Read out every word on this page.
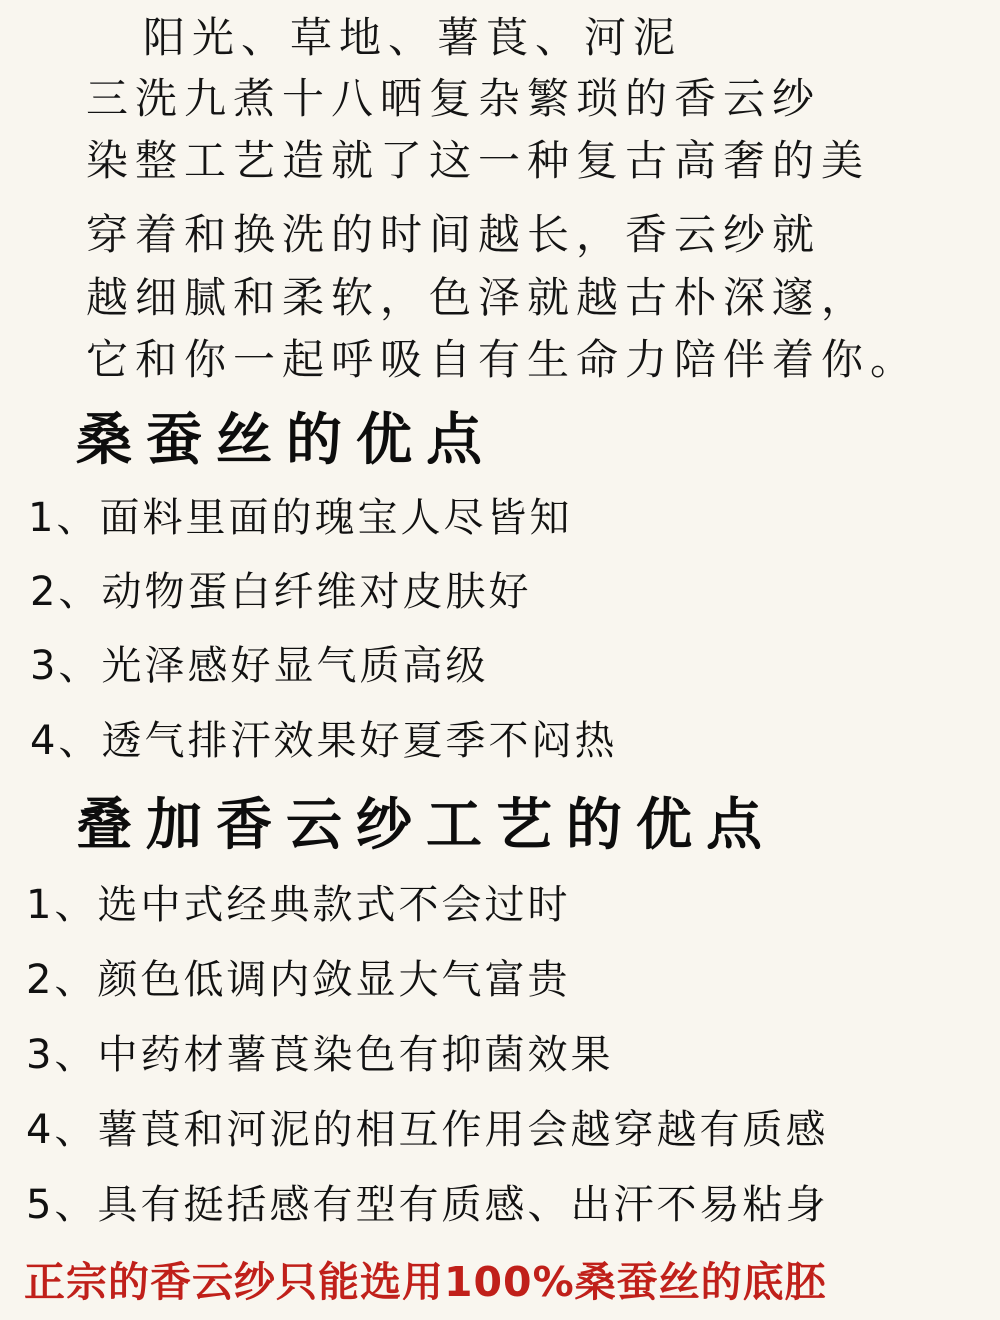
阳光、草地、薯莨、河泥
三洗九煮十八晒复杂繁琐的香云纱
染整工艺造就了这一种复古高奢的美
穿着和换洗的时间越长，香云纱就
越细腻和柔软，色泽就越古朴深邃，
它和你一起呼吸自有生命力陪伴着你。
桑蚕丝的优点
1、面料里面的瑰宝人尽皆知
2、动物蛋白纤维对皮肤好
3、光泽感好显气质高级
4、透气排汗效果好夏季不闷热
叠加香云纱工艺的优点
1、选中式经典款式不会过时
2、颜色低调内敛显大气富贵
3、中药材薯莨染色有抑菌效果
4、薯莨和河泥的相互作用会越穿越有质感
5、具有挺括感有型有质感、出汗不易粘身
正宗的香云纱只能选用100%桑蚕丝的底胚
